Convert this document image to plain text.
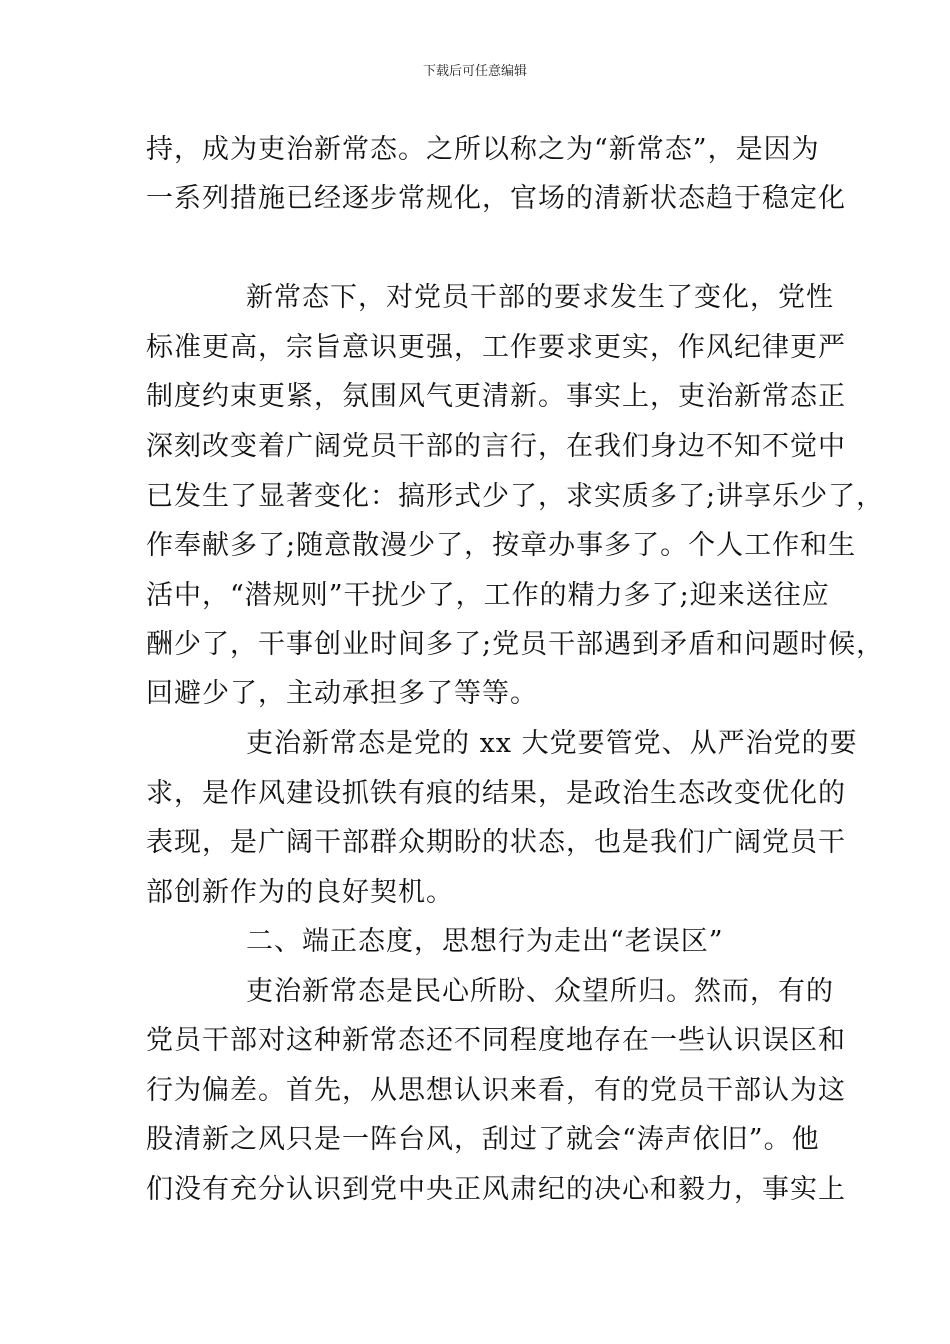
下载后可任意编辑
持，成为吏治新常态。之所以称之为“新常态”，是因为
一系列措施已经逐步常规化，官场的清新状态趋于稳定化
新常态下，对党员干部的要求发生了变化，党性
标准更高，宗旨意识更强，工作要求更实，作风纪律更严
制度约束更紧，氛围风气更清新。事实上，吏治新常态正
深刻改变着广阔党员干部的言行，在我们身边不知不觉中
已发生了显著变化：搞形式少了，求实质多了;讲享乐少了，
作奉献多了;随意散漫少了，按章办事多了。个人工作和生
活中，“潜规则”干扰少了，工作的精力多了;迎来送往应
酬少了，干事创业时间多了;党员干部遇到矛盾和问题时候，
回避少了，主动承担多了等等。
吏治新常态是党的 xx 大党要管党、从严治党的要
求，是作风建设抓铁有痕的结果，是政治生态改变优化的
表现，是广阔干部群众期盼的状态，也是我们广阔党员干
部创新作为的良好契机。
二、端正态度，思想行为走出“老误区”
吏治新常态是民心所盼、众望所归。然而，有的
党员干部对这种新常态还不同程度地存在一些认识误区和
行为偏差。首先，从思想认识来看，有的党员干部认为这
股清新之风只是一阵台风，刮过了就会“涛声依旧”。他
们没有充分认识到党中央正风肃纪的决心和毅力，事实上
